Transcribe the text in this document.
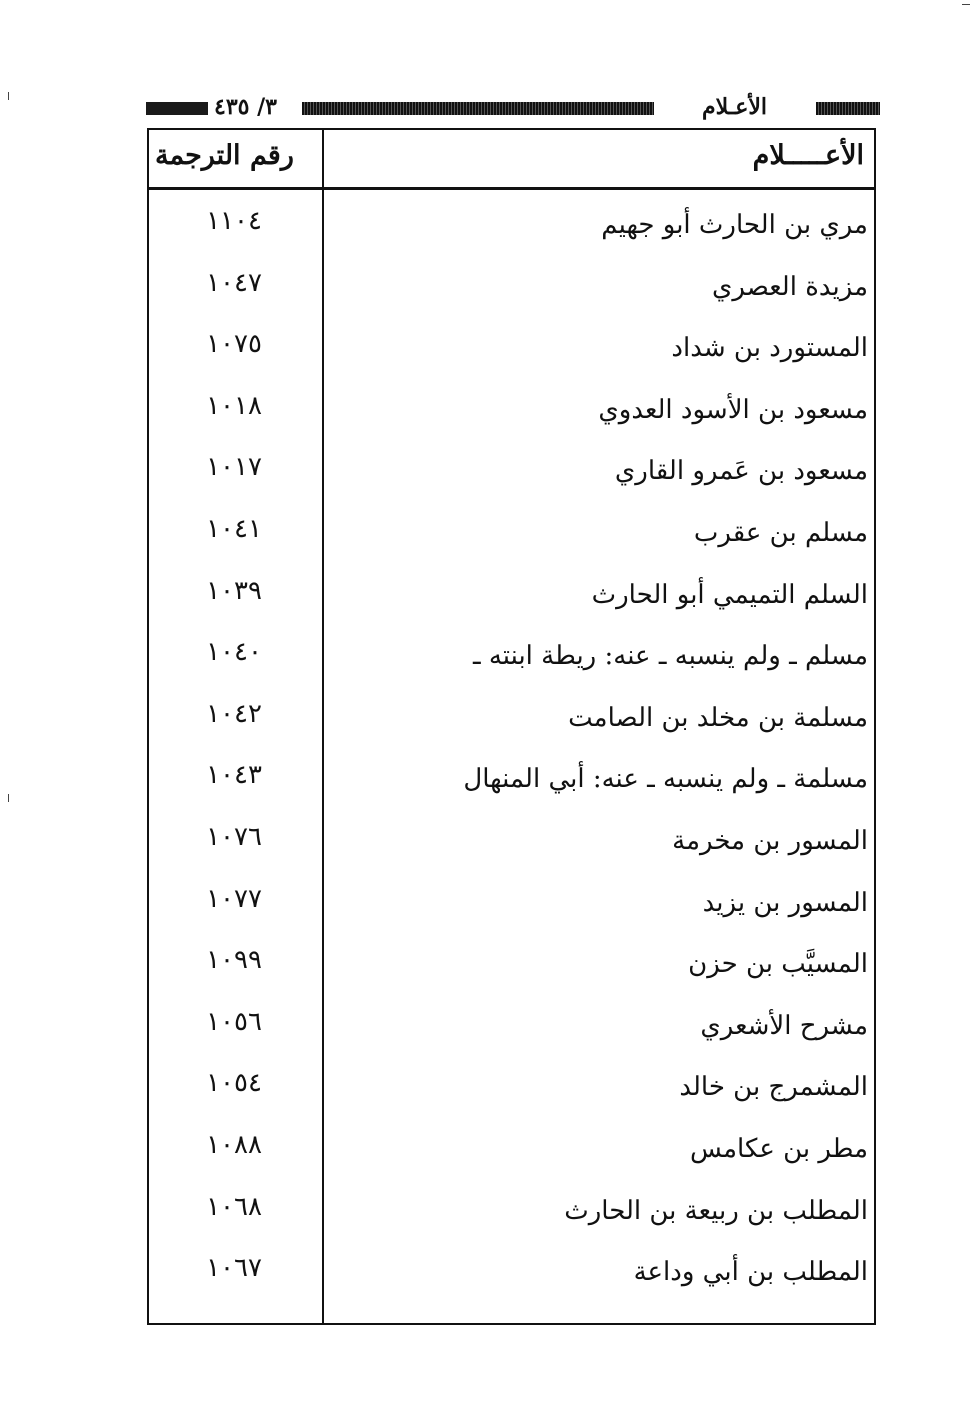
٣/ ٤٣٥	الأعـلام
الأعـــــلام
رقم الترجمة
مري بن الحارث أبو جهيم
١١٠٤
مزيدة العصري
١٠٤٧
المستورد بن شداد
١٠٧٥
مسعود بن الأسود العدوي
١٠١٨
مسعود بن عَمرو القاري
١٠١٧
مسلم بن عقرب
١٠٤١
السلم التميمي أبو الحارث
١٠٣٩
مسلم ـ ولم ينسبه ـ عنه: ريطة ابنته ـ
١٠٤٠
مسلمة بن مخلد بن الصامت
١٠٤٢
مسلمة ـ ولم ينسبه ـ عنه: أبي المنهال
١٠٤٣
المسور بن مخرمة
١٠٧٦
المسور بن يزيد
١٠٧٧
المسيَّب بن حزن
١٠٩٩
مشرح الأشعري
١٠٥٦
المشمرج بن خالد
١٠٥٤
مطر بن عكامس
١٠٨٨
المطلب بن ربيعة بن الحارث
١٠٦٨
المطلب بن أبي وداعة
١٠٦٧
